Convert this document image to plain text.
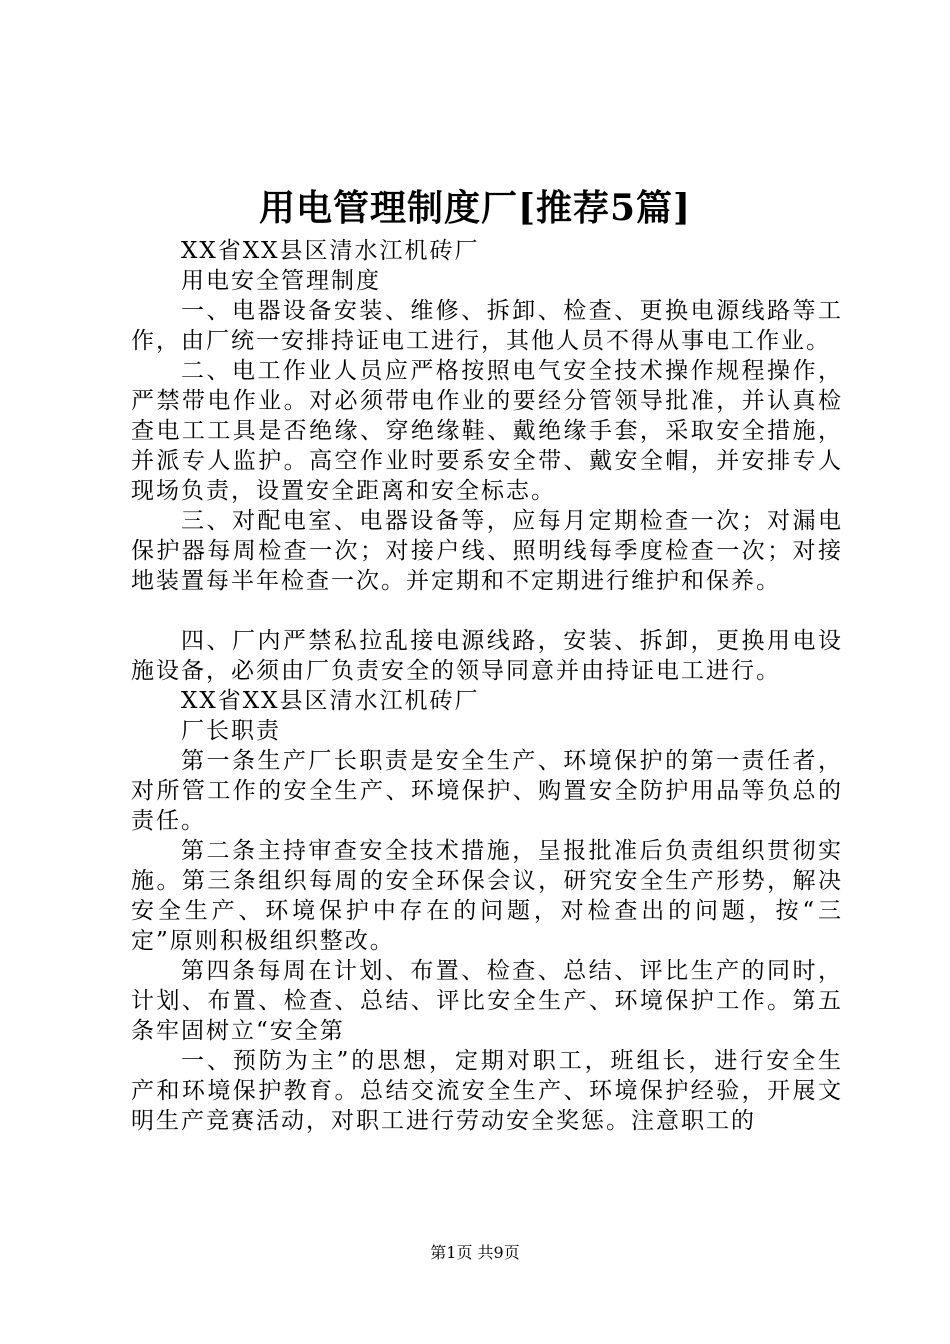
用电管理制度厂[推荐5篇]

XX省XX县区清水江机砖厂

用电安全管理制度

一、电器设备安装、维修、拆卸、检查、更换电源线路等工作，由厂统一安排持证电工进行，其他人员不得从事电工作业。

二、电工作业人员应严格按照电气安全技术操作规程操作，严禁带电作业。对必须带电作业的要经分管领导批准，并认真检查电工工具是否绝缘、穿绝缘鞋、戴绝缘手套，采取安全措施，并派专人监护。高空作业时要系安全带、戴安全帽，并安排专人现场负责，设置安全距离和安全标志。

三、对配电室、电器设备等，应每月定期检查一次；对漏电保护器每周检查一次；对接户线、照明线每季度检查一次；对接地装置每半年检查一次。并定期和不定期进行维护和保养。

四、厂内严禁私拉乱接电源线路，安装、拆卸，更换用电设施设备，必须由厂负责安全的领导同意并由持证电工进行。

XX省XX县区清水江机砖厂

厂长职责

第一条生产厂长职责是安全生产、环境保护的第一责任者，对所管工作的安全生产、环境保护、购置安全防护用品等负总的责任。

第二条主持审查安全技术措施，呈报批准后负责组织贯彻实施。第三条组织每周的安全环保会议，研究安全生产形势，解决安全生产、环境保护中存在的问题，对检查出的问题，按“三定”原则积极组织整改。

第四条每周在计划、布置、检查、总结、评比生产的同时，计划、布置、检查、总结、评比安全生产、环境保护工作。第五条牢固树立“安全第

一、预防为主”的思想，定期对职工，班组长，进行安全生产和环境保护教育。总结交流安全生产、环境保护经验，开展文明生产竞赛活动，对职工进行劳动安全奖惩。注意职工的

第1页 共9页
